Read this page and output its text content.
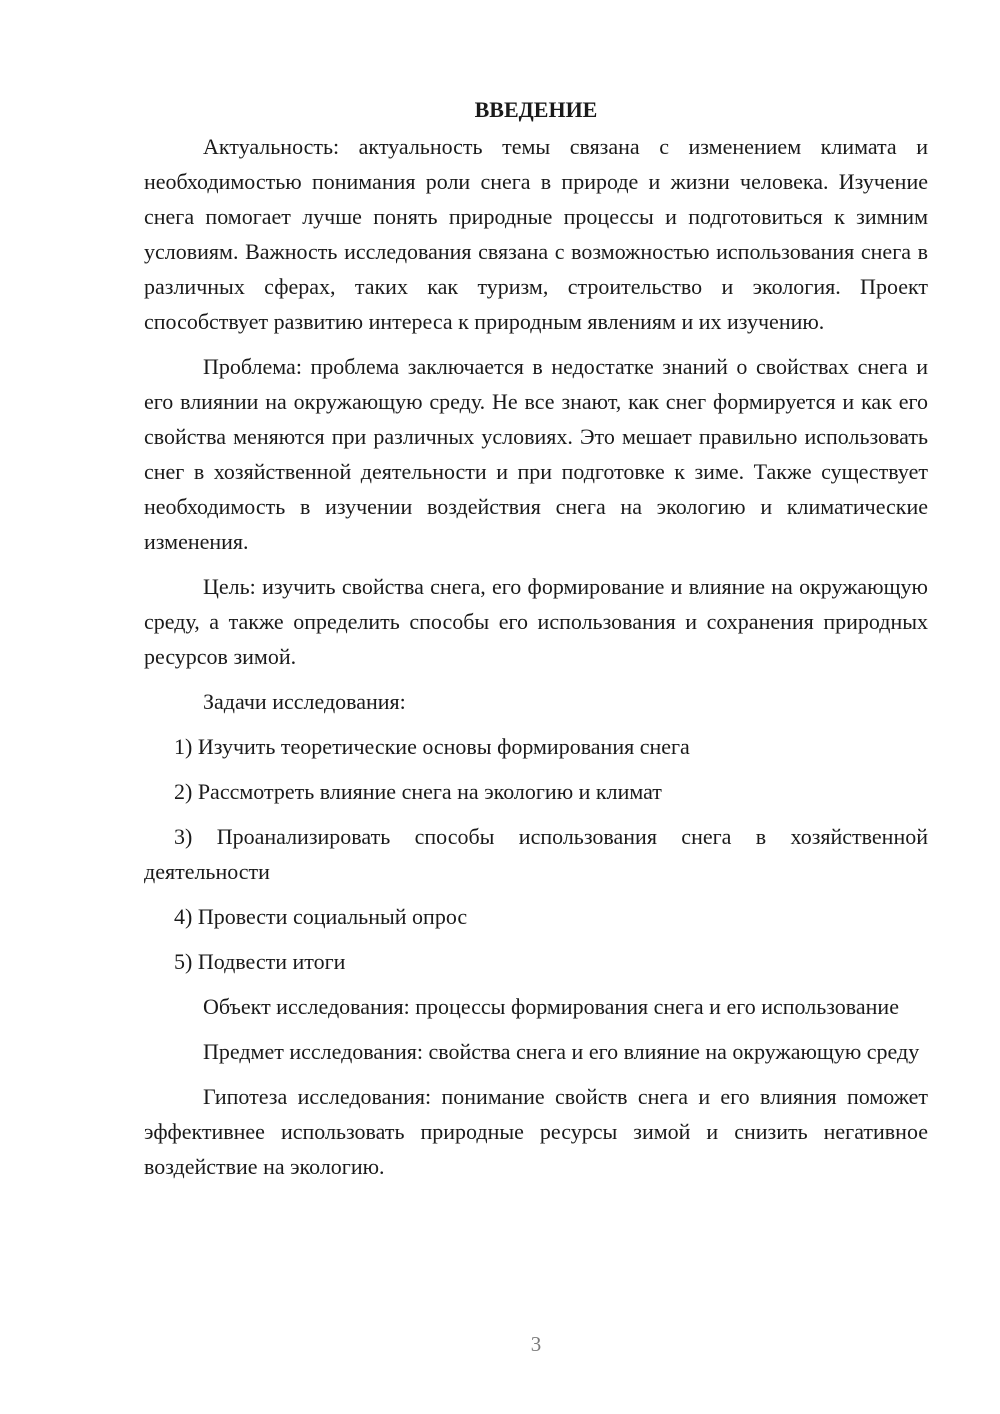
ВВЕДЕНИЕ

Актуальность: актуальность темы связана с изменением климата и необходимостью понимания роли снега в природе и жизни человека. Изучение снега помогает лучше понять природные процессы и подготовиться к зимним условиям. Важность исследования связана с возможностью использования снега в различных сферах, таких как туризм, строительство и экология. Проект способствует развитию интереса к природным явлениям и их изучению.

Проблема: проблема заключается в недостатке знаний о свойствах снега и его влиянии на окружающую среду. Не все знают, как снег формируется и как его свойства меняются при различных условиях. Это мешает правильно использовать снег в хозяйственной деятельности и при подготовке к зиме. Также существует необходимость в изучении воздействия снега на экологию и климатические изменения.

Цель: изучить свойства снега, его формирование и влияние на окружающую среду, а также определить способы его использования и сохранения природных ресурсов зимой.

Задачи исследования:

1) Изучить теоретические основы формирования снега

2) Рассмотреть влияние снега на экологию и климат

3) Проанализировать способы использования снега в хозяйственной деятельности

4) Провести социальный опрос

5) Подвести итоги

Объект исследования: процессы формирования снега и его использование

Предмет исследования: свойства снега и его влияние на окружающую среду

Гипотеза исследования: понимание свойств снега и его влияния поможет эффективнее использовать природные ресурсы зимой и снизить негативное воздействие на экологию.

3
